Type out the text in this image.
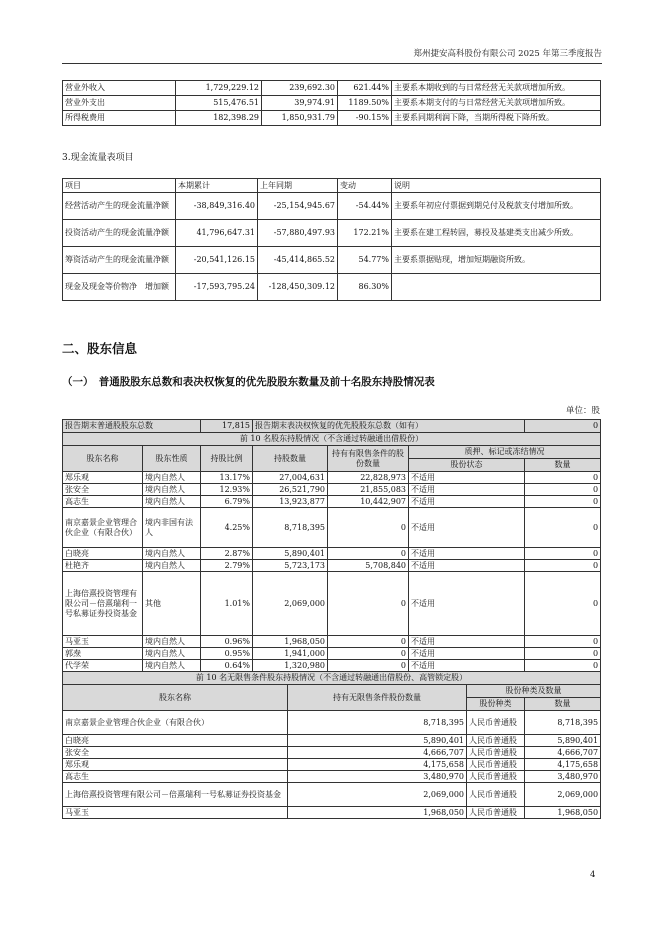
郑州捷安高科股份有限公司 2025 年第三季度报告
营业外收入	1,729,229.12	239,692.30	621.44%	主要系本期收到的与日常经营无关款项增加所致。
营业外支出	515,476.51	39,974.91	1189.50%	主要系本期支付的与日常经营无关款项增加所致。
所得税费用	182,398.29	1,850,931.79	-90.15%	主要系同期利润下降，当期所得税下降所致。
3.现金流量表项目
项目	本期累计	上年同期	变动	说明
经营活动产生的现金流量净额	-38,849,316.40	-25,154,945.67	-54.44%	主要系年初应付票据到期兑付及税款支付增加所致。
投资活动产生的现金流量净额	41,796,647.31	-57,880,497.93	172.21%	主要系在建工程转固，募投及基建类支出减少所致。
筹资活动产生的现金流量净额	-20,541,126.15	-45,414,865.52	54.77%	主要系票据贴现，增加短期融资所致。
现金及现金等价物净　增加额	-17,593,795.24	-128,450,309.12	86.30%	
二、股东信息
（一）　普通股股东总数和表决权恢复的优先股股东数量及前十名股东持股情况表
单位：股
报告期末普通股股东总数		17,815	报告期末表决权恢复的优先股股东总数（如有）					0
前 10 名股东持股情况（不含通过转融通出借股份）								
股东名称	股东性质	持股比例	持股数量		持有有限售条件的股份数量	质押、标记或冻结情况		
						股份状态		数量
郑乐观	境内自然人	13.17%	27,004,631		22,828,973	不适用		0
张安全	境内自然人	12.93%	26,521,790		21,855,083	不适用		0
高志生	境内自然人	6.79%	13,923,877		10,442,907	不适用		0
南京嘉景企业管理合伙企业（有限合伙）	境内非国有法人	4.25%	8,718,395		0	不适用		0
白晓亮	境内自然人	2.87%	5,890,401		0	不适用		0
杜艳齐	境内自然人	2.79%	5,723,173		5,708,840	不适用		0
上海倍熹投资管理有限公司－倍熹瑞利一号私募证券投资基金	其他	1.01%	2,069,000		0	不适用		0
马亚玉	境内自然人	0.96%	1,968,050		0	不适用		0
郭焘	境内自然人	0.95%	1,941,000		0	不适用		0
代学荣	境内自然人	0.64%	1,320,980		0	不适用		0
前 10 名无限售条件股东持股情况（不含通过转融通出借股份、高管锁定股）								
股东名称				持有无限售条件股份数量			股份种类及数量	
							股份种类	数量
南京嘉景企业管理合伙企业（有限合伙）				8,718,395			人民币普通股	8,718,395
白晓亮				5,890,401			人民币普通股	5,890,401
张安全				4,666,707			人民币普通股	4,666,707
郑乐观				4,175,658			人民币普通股	4,175,658
高志生				3,480,970			人民币普通股	3,480,970
上海倍熹投资管理有限公司－倍熹瑞利一号私募证券投资基金				2,069,000			人民币普通股	2,069,000
马亚玉				1,968,050			人民币普通股	1,968,050
4
